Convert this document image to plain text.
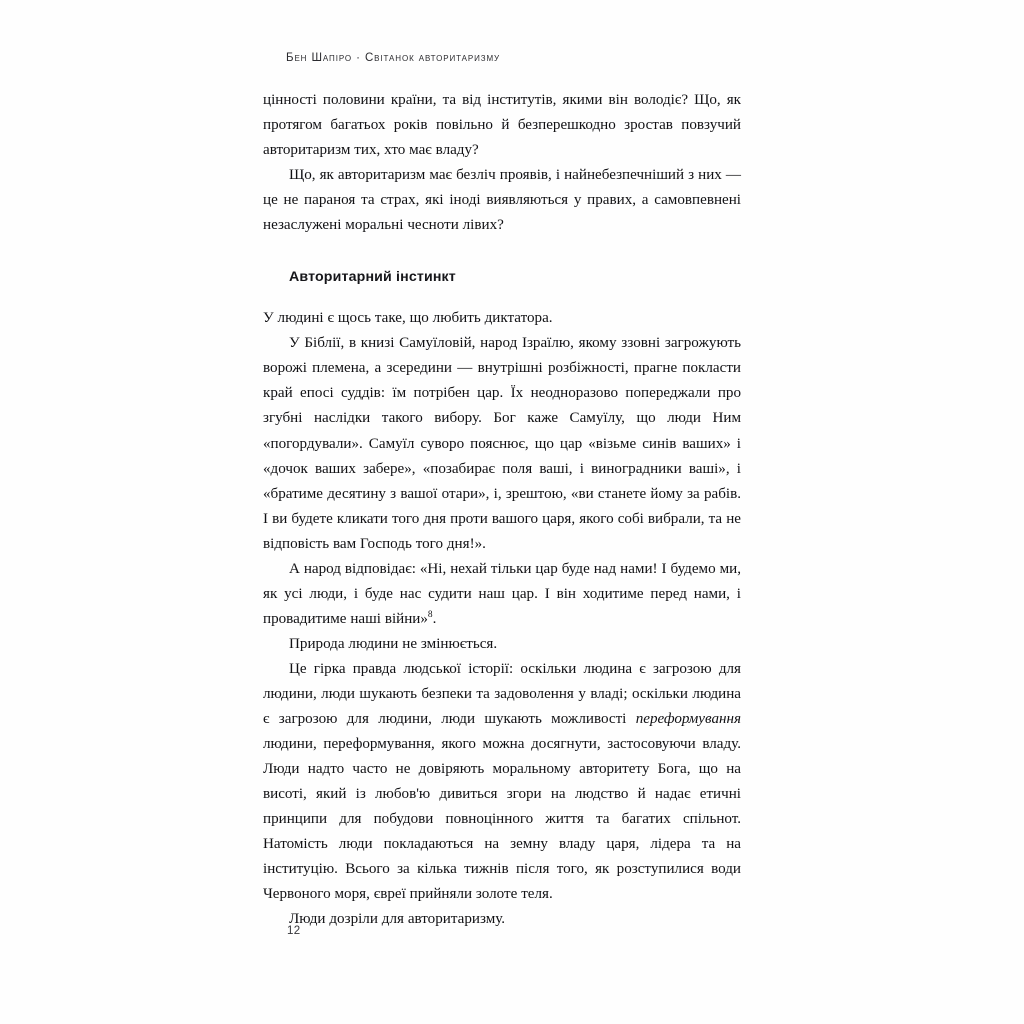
Бен Шапіро · Світанок авторитаризму

цінності половини країни, та від інститутів, якими він володіє? Що, як протягом багатьох років повільно й безперешкодно зростав повзучий авторитаризм тих, хто має владу?

Що, як авторитаризм має безліч проявів, і найнебезпечніший з них — це не параноя та страх, які іноді виявляються у правих, а самовпевнені незаслужені моральні чесноти лівих?

Авторитарний інстинкт

У людині є щось таке, що любить диктатора.

У Біблії, в книзі Самуїловій, народ Ізраїлю, якому ззовні загрожують ворожі племена, а зсередини — внутрішні розбіжності, прагне покласти край епосі суддів: їм потрібен цар. Їх неодноразово попереджали про згубні наслідки такого вибору. Бог каже Самуїлу, що люди Ним «погордували». Самуїл суворо пояснює, що цар «візьме синів ваших» і «дочок ваших забере», «позабирає поля ваші, і виноградники ваші», і «братиме десятину з вашої отари», і, зрештою, «ви станете йому за рабів. І ви будете кликати того дня проти вашого царя, якого собі вибрали, та не відповість вам Господь того дня!».

А народ відповідає: «Ні, нехай тільки цар буде над нами! І будемо ми, як усі люди, і буде нас судити наш цар. І він ходитиме перед нами, і провадитиме наші війни»$^8$.

Природа людини не змінюється.

Це гірка правда людської історії: оскільки людина є загрозою для людини, люди шукають безпеки та задоволення у владі; оскільки людина є загрозою для людини, люди шукають можливості переформування людини, переформування, якого можна досягнути, застосовуючи владу. Люди надто часто не довіряють моральному авторитету Бога, що на висоті, який із любов'ю дивиться згори на людство й надає етичні принципи для побудови повноцінного життя та багатих спільнот. Натомість люди покладаються на земну владу царя, лідера та на інституцію. Всього за кілька тижнів після того, як розступилися води Червоного моря, євреї прийняли золоте теля.

Люди дозріли для авторитаризму.

12
